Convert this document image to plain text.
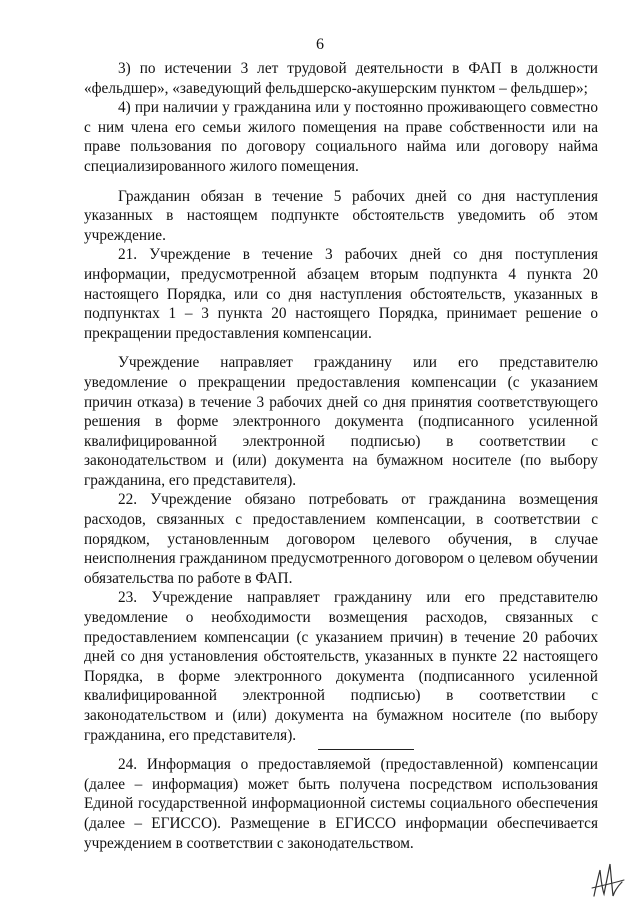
6

3) по истечении 3 лет трудовой деятельности в ФАП в должности «фельдшер», «заведующий фельдшерско-акушерским пунктом – фельдшер»;

4) при наличии у гражданина или у постоянно проживающего совместно с ним члена его семьи жилого помещения на праве собственности или на праве пользования по договору социального найма или договору найма специализированного жилого помещения.

Гражданин обязан в течение 5 рабочих дней со дня наступления указанных в настоящем подпункте обстоятельств уведомить об этом учреждение.

21. Учреждение в течение 3 рабочих дней со дня поступления информации, предусмотренной абзацем вторым подпункта 4 пункта 20 настоящего Порядка, или со дня наступления обстоятельств, указанных в подпунктах 1 – 3 пункта 20 настоящего Порядка, принимает решение о прекращении предоставления компенсации.

Учреждение направляет гражданину или его представителю уведомление о прекращении предоставления компенсации (с указанием причин отказа) в течение 3 рабочих дней со дня принятия соответствующего решения в форме электронного документа (подписанного усиленной квалифицированной электронной подписью) в соответствии с законодательством и (или) документа на бумажном носителе (по выбору гражданина, его представителя).

22. Учреждение обязано потребовать от гражданина возмещения расходов, связанных с предоставлением компенсации, в соответствии с порядком, установленным договором целевого обучения, в случае неисполнения гражданином предусмотренного договором о целевом обучении обязательства по работе в ФАП.

23. Учреждение направляет гражданину или его представителю уведомление о необходимости возмещения расходов, связанных с предоставлением компенсации (с указанием причин) в течение 20 рабочих дней со дня установления обстоятельств, указанных в пункте 22 настоящего Порядка, в форме электронного документа (подписанного усиленной квалифицированной электронной подписью) в соответствии с законодательством и (или) документа на бумажном носителе (по выбору гражданина, его представителя).

24. Информация о предоставляемой (предоставленной) компенсации (далее – информация) может быть получена посредством использования Единой государственной информационной системы социального обеспечения (далее – ЕГИССО). Размещение в ЕГИССО информации обеспечивается учреждением в соответствии с законодательством.
